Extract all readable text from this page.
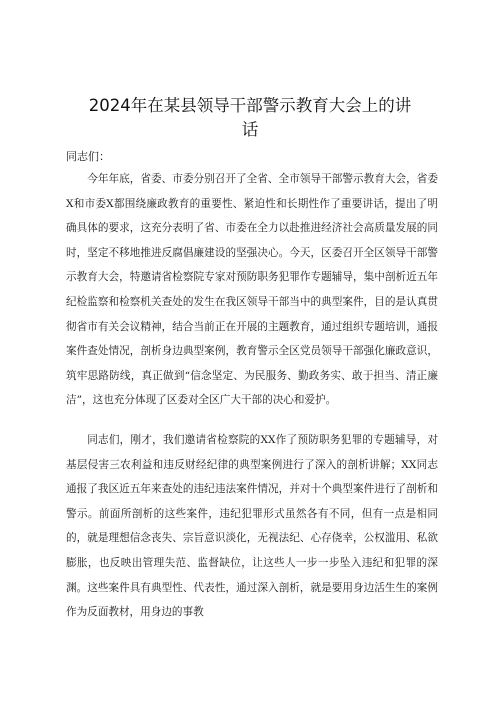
2024年在某县领导干部警示教育大会上的讲
话
同志们：

今年年底，省委、市委分别召开了全省、全市领导干部警示教育大会，省委X和市委X都围绕廉政教育的重要性、紧迫性和长期性作了重要讲话，提出了明确具体的要求，这充分表明了省、市委在全力以赴推进经济社会高质量发展的同时，坚定不移地推进反腐倡廉建设的坚强决心。今天，区委召开全区领导干部警示教育大会，特邀请省检察院专家对预防职务犯罪作专题辅导，集中剖析近五年纪检监察和检察机关查处的发生在我区领导干部当中的典型案件，目的是认真贯彻省市有关会议精神，结合当前正在开展的主题教育，通过组织专题培训，通报案件查处情况，剖析身边典型案例，教育警示全区党员领导干部强化廉政意识，筑牢思路防线，真正做到“信念坚定、为民服务、勤政务实、敢于担当、清正廉洁”，这也充分体现了区委对全区广大干部的决心和爱护。

同志们，刚才，我们邀请省检察院的XX作了预防职务犯罪的专题辅导，对基层侵害三农利益和违反财经纪律的典型案例进行了深入的剖析讲解；XX同志通报了我区近五年来查处的违纪违法案件情况，并对十个典型案件进行了剖析和警示。前面所剖析的这些案件，违纪犯罪形式虽然各有不同，但有一点是相同的，就是理想信念丧失、宗旨意识淡化，无视法纪、心存侥幸，公权滥用、私欲膨胀，也反映出管理失范、监督缺位，让这些人一步一步坠入违纪和犯罪的深渊。这些案件具有典型性、代表性，通过深入剖析，就是要用身边活生生的案例作为反面教材，用身边的事教
